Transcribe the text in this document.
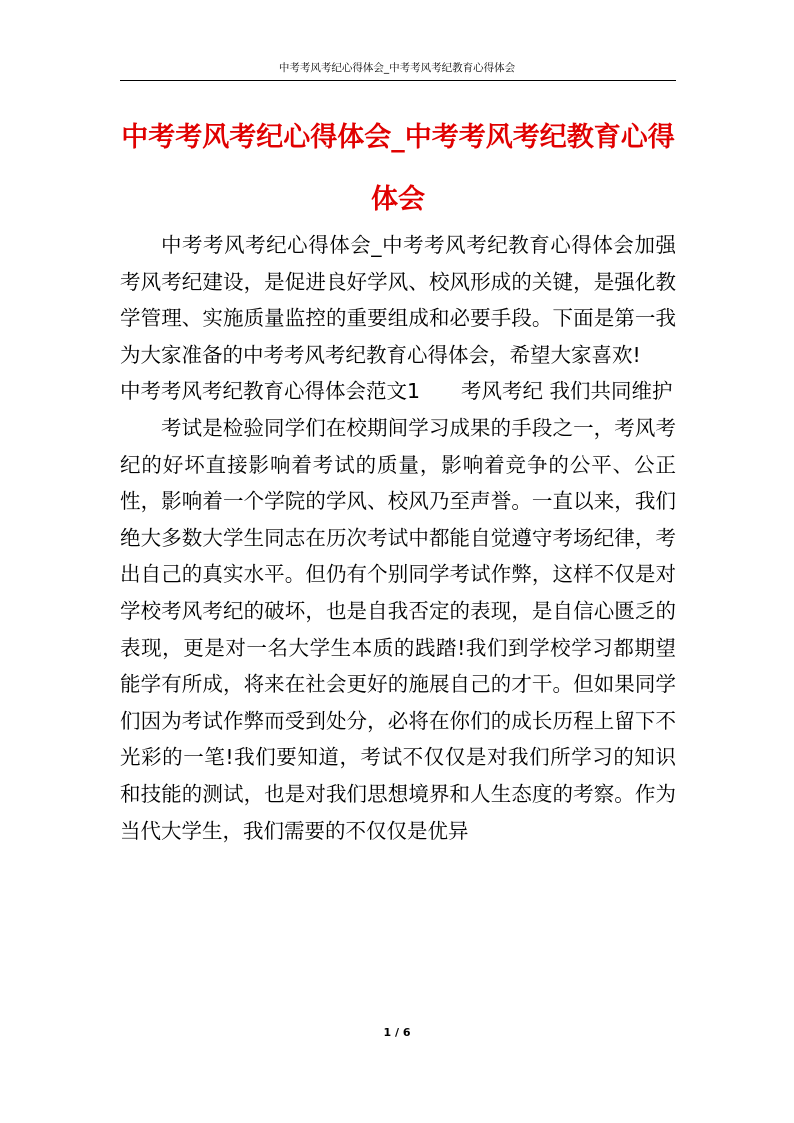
中考考风考纪心得体会_中考考风考纪教育心得体会
中考考风考纪心得体会_中考考风考纪教育心得体会

中考考风考纪心得体会_中考考风考纪教育心得体会加强考风考纪建设，是促进良好学风、校风形成的关键，是强化教学管理、实施质量监控的重要组成和必要手段。下面是第一我为大家准备的中考考风考纪教育心得体会，希望大家喜欢!

中考考风考纪教育心得体会范文1　　考风考纪 我们共同维护

考试是检验同学们在校期间学习成果的手段之一，考风考纪的好坏直接影响着考试的质量，影响着竞争的公平、公正性，影响着一个学院的学风、校风乃至声誉。一直以来，我们绝大多数大学生同志在历次考试中都能自觉遵守考场纪律，考出自己的真实水平。但仍有个别同学考试作弊，这样不仅是对学校考风考纪的破坏，也是自我否定的表现，是自信心匮乏的表现，更是对一名大学生本质的践踏!我们到学校学习都期望能学有所成，将来在社会更好的施展自己的才干。但如果同学们因为考试作弊而受到处分，必将在你们的成长历程上留下不光彩的一笔!我们要知道，考试不仅仅是对我们所学习的知识和技能的测试，也是对我们思想境界和人生态度的考察。作为当代大学生，我们需要的不仅仅是优异

1 / 6
